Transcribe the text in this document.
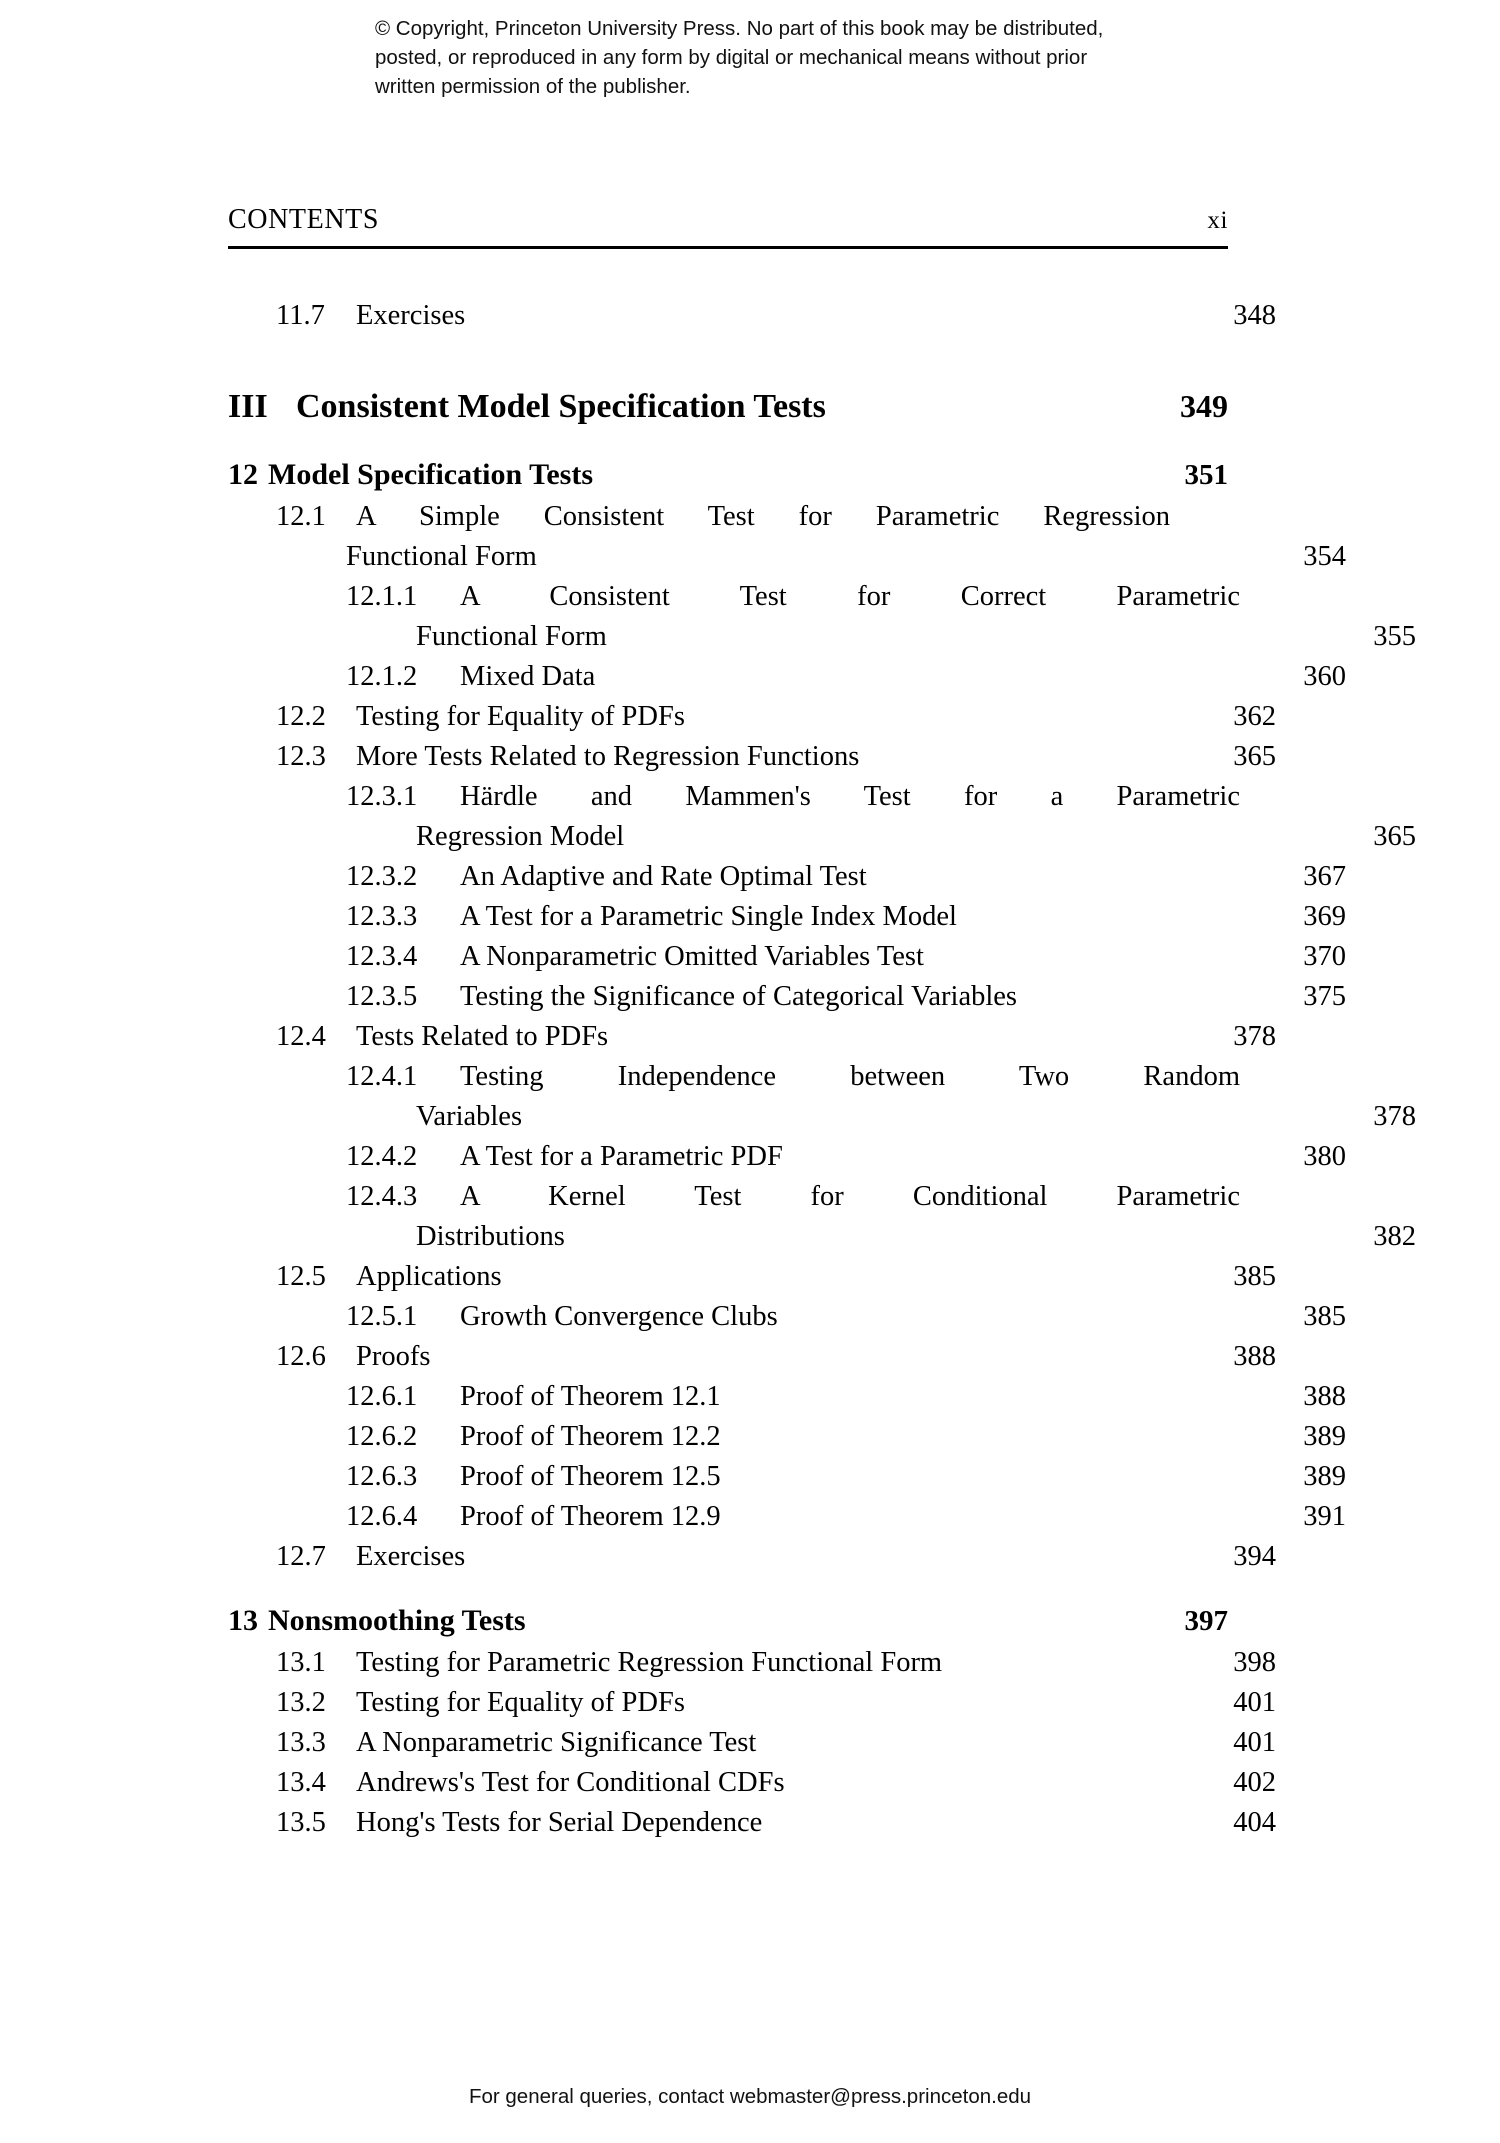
© Copyright, Princeton University Press. No part of this book may be distributed, posted, or reproduced in any form by digital or mechanical means without prior written permission of the publisher.
CONTENTS	xi
11.7	Exercises	348
III Consistent Model Specification Tests	349
12 Model Specification Tests	351
12.1	A Simple Consistent Test for Parametric Regression
Functional Form	354
12.1.1	A Consistent Test for Correct Parametric
Functional Form	355
12.1.2	Mixed Data	360
12.2	Testing for Equality of PDFs	362
12.3	More Tests Related to Regression Functions	365
12.3.1	Härdle and Mammen's Test for a Parametric
Regression Model	365
12.3.2	An Adaptive and Rate Optimal Test	367
12.3.3	A Test for a Parametric Single Index Model	369
12.3.4	A Nonparametric Omitted Variables Test	370
12.3.5	Testing the Significance of Categorical Variables	375
12.4	Tests Related to PDFs	378
12.4.1	Testing Independence between Two Random
Variables	378
12.4.2	A Test for a Parametric PDF	380
12.4.3	A Kernel Test for Conditional Parametric
Distributions	382
12.5	Applications	385
12.5.1	Growth Convergence Clubs	385
12.6	Proofs	388
12.6.1	Proof of Theorem 12.1	388
12.6.2	Proof of Theorem 12.2	389
12.6.3	Proof of Theorem 12.5	389
12.6.4	Proof of Theorem 12.9	391
12.7	Exercises	394
13 Nonsmoothing Tests	397
13.1	Testing for Parametric Regression Functional Form	398
13.2	Testing for Equality of PDFs	401
13.3	A Nonparametric Significance Test	401
13.4	Andrews's Test for Conditional CDFs	402
13.5	Hong's Tests for Serial Dependence	404
For general queries, contact webmaster@press.princeton.edu
